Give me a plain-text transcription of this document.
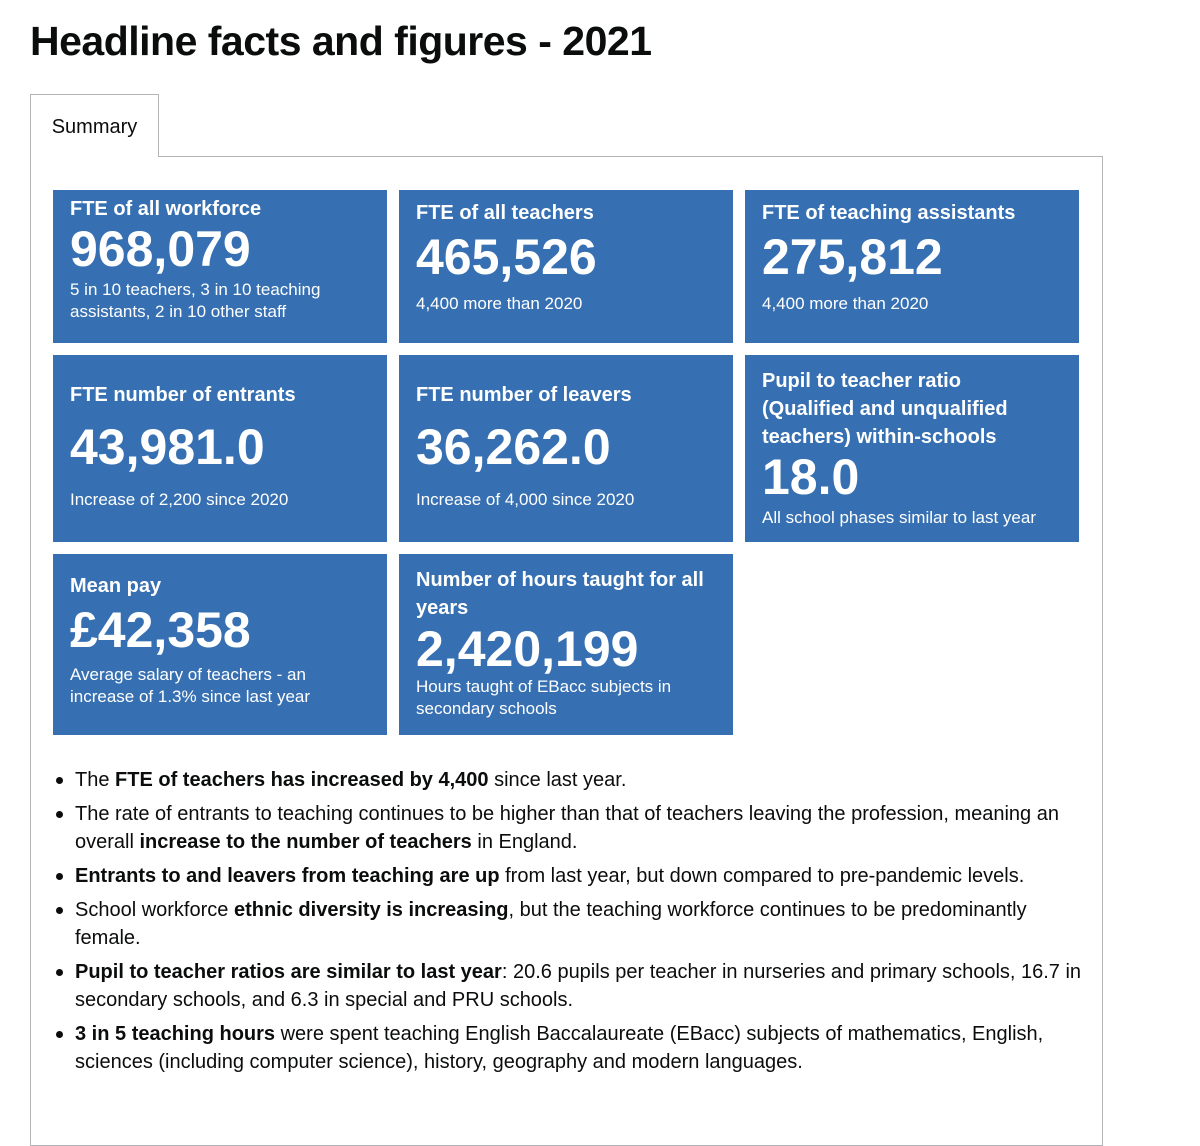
Headline facts and figures - 2021
Summary
FTE of all workforce
968,079
5 in 10 teachers, 3 in 10 teaching assistants, 2 in 10 other staff
FTE of all teachers
465,526
4,400 more than 2020
FTE of teaching assistants
275,812
4,400 more than 2020
FTE number of entrants
43,981.0
Increase of 2,200 since 2020
FTE number of leavers
36,262.0
Increase of 4,000 since 2020
Pupil to teacher ratio (Qualified and unqualified teachers) within-schools
18.0
All school phases similar to last year
Mean pay
£42,358
Average salary of teachers - an increase of 1.3% since last year
Number of hours taught for all years
2,420,199
Hours taught of EBacc subjects in secondary schools
The FTE of teachers has increased by 4,400 since last year.
The rate of entrants to teaching continues to be higher than that of teachers leaving the profession, meaning an overall increase to the number of teachers in England.
Entrants to and leavers from teaching are up from last year, but down compared to pre-pandemic levels.
School workforce ethnic diversity is increasing, but the teaching workforce continues to be predominantly female.
Pupil to teacher ratios are similar to last year: 20.6 pupils per teacher in nurseries and primary schools, 16.7 in secondary schools, and 6.3 in special and PRU schools.
3 in 5 teaching hours were spent teaching English Baccalaureate (EBacc) subjects of mathematics, English, sciences (including computer science), history, geography and modern languages.
